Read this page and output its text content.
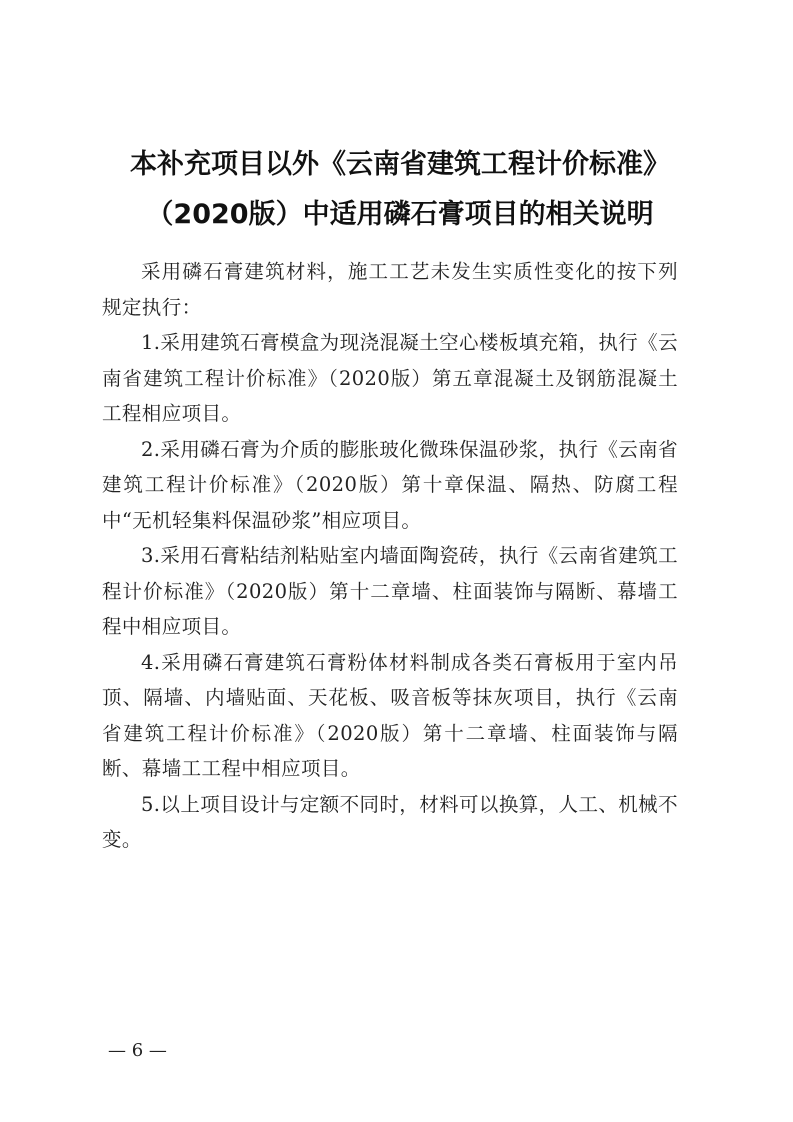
本补充项目以外《云南省建筑工程计价标准》
（2020版）中适用磷石膏项目的相关说明

采用磷石膏建筑材料，施工工艺未发生实质性变化的按下列规定执行：

1.采用建筑石膏模盒为现浇混凝土空心楼板填充箱，执行《云南省建筑工程计价标准》（2020版）第五章混凝土及钢筋混凝土工程相应项目。

2.采用磷石膏为介质的膨胀玻化微珠保温砂浆，执行《云南省建筑工程计价标准》（2020版）第十章保温、隔热、防腐工程中“无机轻集料保温砂浆”相应项目。

3.采用石膏粘结剂粘贴室内墙面陶瓷砖，执行《云南省建筑工程计价标准》（2020版）第十二章墙、柱面装饰与隔断、幕墙工程中相应项目。

4.采用磷石膏建筑石膏粉体材料制成各类石膏板用于室内吊顶、隔墙、内墙贴面、天花板、吸音板等抹灰项目，执行《云南省建筑工程计价标准》（2020版）第十二章墙、柱面装饰与隔断、幕墙工工程中相应项目。

5.以上项目设计与定额不同时，材料可以换算，人工、机械不变。

— 6 —
